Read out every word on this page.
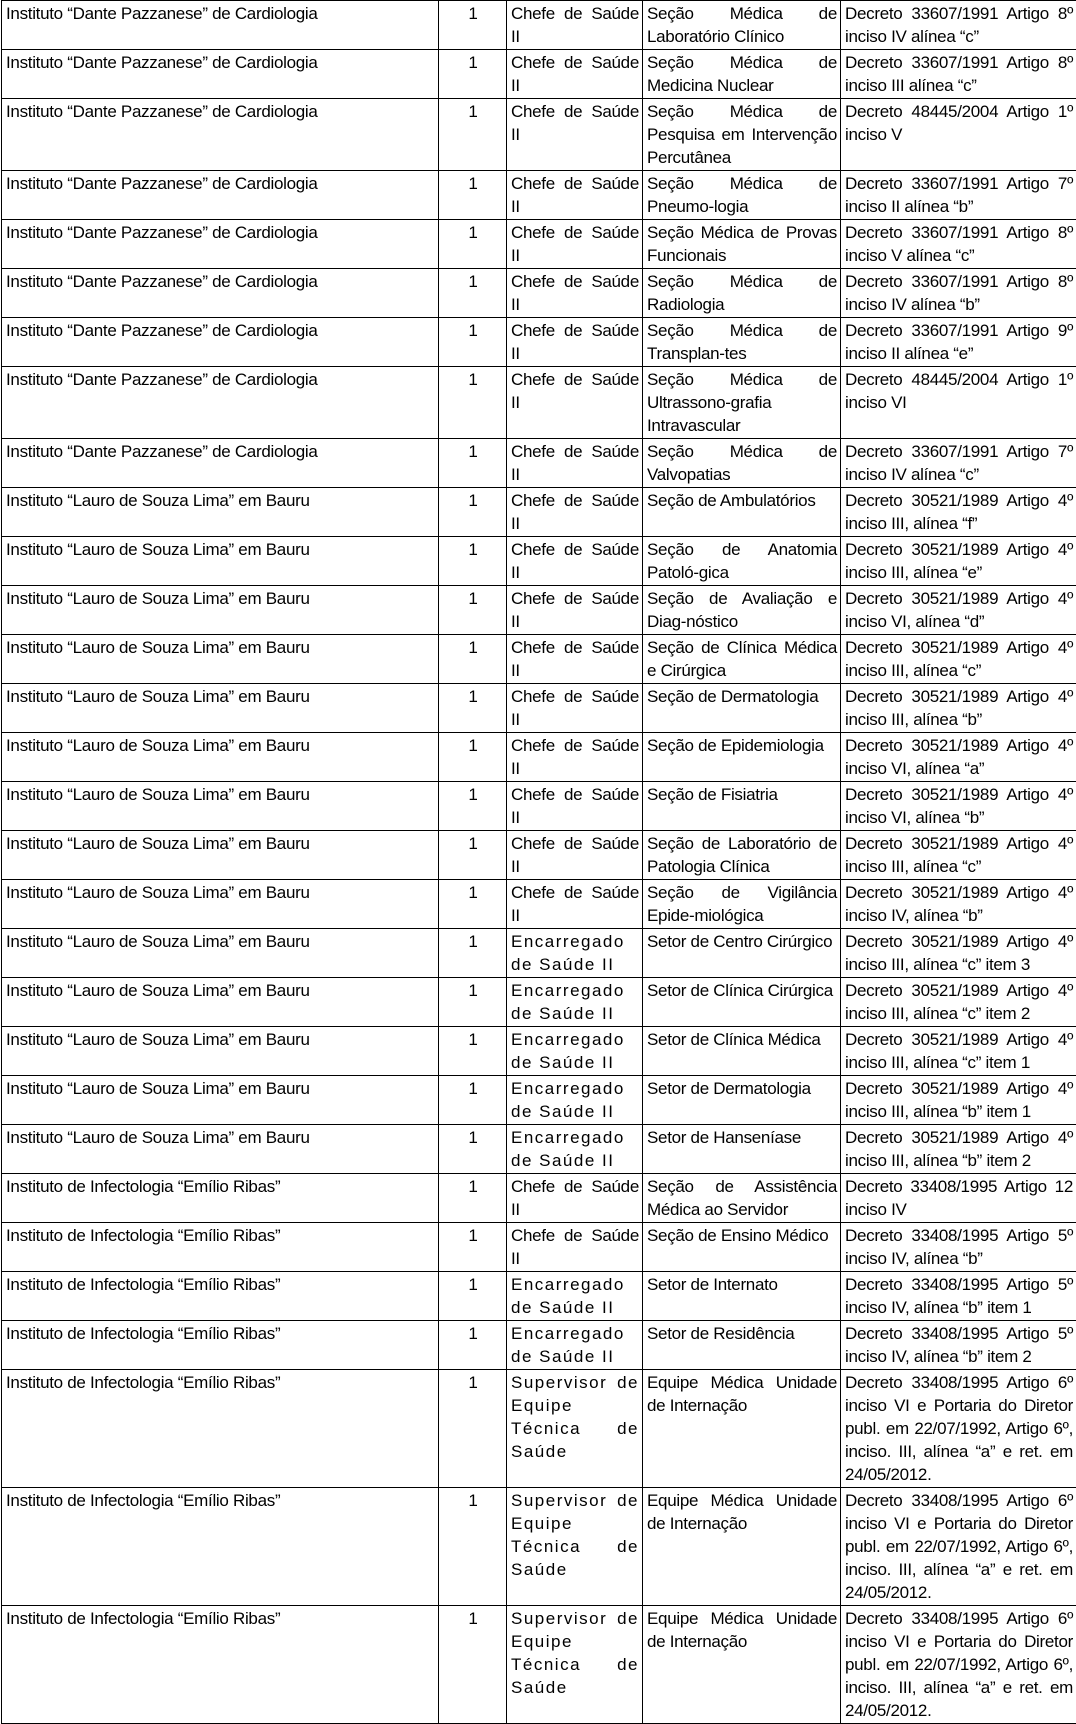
Instituto “Dante Pazzanese” de Cardiologia	1	Chefe de Saúde II	Seção Médica de Laboratório Clínico	Decreto 33607/1991 Artigo 8º inciso IV alínea “c”
Instituto “Dante Pazzanese” de Cardiologia	1	Chefe de Saúde II	Seção Médica de Medicina Nuclear	Decreto 33607/1991 Artigo 8º inciso III alínea “c”
Instituto “Dante Pazzanese” de Cardiologia	1	Chefe de Saúde II	Seção Médica de Pesquisa em Intervenção Percutânea	Decreto 48445/2004 Artigo 1º inciso V
Instituto “Dante Pazzanese” de Cardiologia	1	Chefe de Saúde II	Seção Médica de Pneumo-logia	Decreto 33607/1991 Artigo 7º inciso II alínea “b”
Instituto “Dante Pazzanese” de Cardiologia	1	Chefe de Saúde II	Seção Médica de Provas Funcionais	Decreto 33607/1991 Artigo 8º inciso V alínea “c”
Instituto “Dante Pazzanese” de Cardiologia	1	Chefe de Saúde II	Seção Médica de Radiologia	Decreto 33607/1991 Artigo 8º inciso IV alínea “b”
Instituto “Dante Pazzanese” de Cardiologia	1	Chefe de Saúde II	Seção Médica de Transplan-tes	Decreto 33607/1991 Artigo 9º inciso II alínea “e”
Instituto “Dante Pazzanese” de Cardiologia	1	Chefe de Saúde II	Seção Médica de Ultrassono-grafia Intravascular	Decreto 48445/2004 Artigo 1º inciso VI
Instituto “Dante Pazzanese” de Cardiologia	1	Chefe de Saúde II	Seção Médica de Valvopatias	Decreto 33607/1991 Artigo 7º inciso IV alínea “c”
Instituto “Lauro de Souza Lima” em Bauru	1	Chefe de Saúde II	Seção de Ambulatórios	Decreto 30521/1989 Artigo 4º inciso III, alínea “f”
Instituto “Lauro de Souza Lima” em Bauru	1	Chefe de Saúde II	Seção de Anatomia Patoló-gica	Decreto 30521/1989 Artigo 4º inciso III, alínea “e”
Instituto “Lauro de Souza Lima” em Bauru	1	Chefe de Saúde II	Seção de Avaliação e Diag-nóstico	Decreto 30521/1989 Artigo 4º inciso VI, alínea “d”
Instituto “Lauro de Souza Lima” em Bauru	1	Chefe de Saúde II	Seção de Clínica Médica e Cirúrgica	Decreto 30521/1989 Artigo 4º inciso III, alínea “c”
Instituto “Lauro de Souza Lima” em Bauru	1	Chefe de Saúde II	Seção de Dermatologia	Decreto 30521/1989 Artigo 4º inciso III, alínea “b”
Instituto “Lauro de Souza Lima” em Bauru	1	Chefe de Saúde II	Seção de Epidemiologia	Decreto 30521/1989 Artigo 4º inciso VI, alínea “a”
Instituto “Lauro de Souza Lima” em Bauru	1	Chefe de Saúde II	Seção de Fisiatria	Decreto 30521/1989 Artigo 4º inciso VI, alínea “b”
Instituto “Lauro de Souza Lima” em Bauru	1	Chefe de Saúde II	Seção de Laboratório de Patologia Clínica	Decreto 30521/1989 Artigo 4º inciso III, alínea “c”
Instituto “Lauro de Souza Lima” em Bauru	1	Chefe de Saúde II	Seção de Vigilância Epide-miológica	Decreto 30521/1989 Artigo 4º inciso IV, alínea “b”
Instituto “Lauro de Souza Lima” em Bauru	1	Encarregado de Saúde II	Setor de Centro Cirúrgico	Decreto 30521/1989 Artigo 4º inciso III, alínea “c” item 3
Instituto “Lauro de Souza Lima” em Bauru	1	Encarregado de Saúde II	Setor de Clínica Cirúrgica	Decreto 30521/1989 Artigo 4º inciso III, alínea “c” item 2
Instituto “Lauro de Souza Lima” em Bauru	1	Encarregado de Saúde II	Setor de Clínica Médica	Decreto 30521/1989 Artigo 4º inciso III, alínea “c” item 1
Instituto “Lauro de Souza Lima” em Bauru	1	Encarregado de Saúde II	Setor de Dermatologia	Decreto 30521/1989 Artigo 4º inciso III, alínea “b” item 1
Instituto “Lauro de Souza Lima” em Bauru	1	Encarregado de Saúde II	Setor de Hanseníase	Decreto 30521/1989 Artigo 4º inciso III, alínea “b” item 2
Instituto de Infectologia “Emílio Ribas”	1	Chefe de Saúde II	Seção de Assistência Médica ao Servidor	Decreto 33408/1995 Artigo 12 inciso IV
Instituto de Infectologia “Emílio Ribas”	1	Chefe de Saúde II	Seção de Ensino Médico	Decreto 33408/1995 Artigo 5º inciso IV, alínea “b”
Instituto de Infectologia “Emílio Ribas”	1	Encarregado de Saúde II	Setor de Internato	Decreto 33408/1995 Artigo 5º inciso IV, alínea “b” item 1
Instituto de Infectologia “Emílio Ribas”	1	Encarregado de Saúde II	Setor de Residência	Decreto 33408/1995 Artigo 5º inciso IV, alínea “b” item 2
Instituto de Infectologia “Emílio Ribas”	1	Supervisor de Equipe Técnica de Saúde	Equipe Médica Unidade de Internação	Decreto 33408/1995 Artigo 6º inciso VI e Portaria do Diretor publ. em 22/07/1992, Artigo 6º, inciso. III, alínea “a” e ret. em 24/05/2012.
Instituto de Infectologia “Emílio Ribas”	1	Supervisor de Equipe Técnica de Saúde	Equipe Médica Unidade de Internação	Decreto 33408/1995 Artigo 6º inciso VI e Portaria do Diretor publ. em 22/07/1992, Artigo 6º, inciso. III, alínea “a” e ret. em 24/05/2012.
Instituto de Infectologia “Emílio Ribas”	1	Supervisor de Equipe Técnica de Saúde	Equipe Médica Unidade de Internação	Decreto 33408/1995 Artigo 6º inciso VI e Portaria do Diretor publ. em 22/07/1992, Artigo 6º, inciso. III, alínea “a” e ret. em 24/05/2012.
